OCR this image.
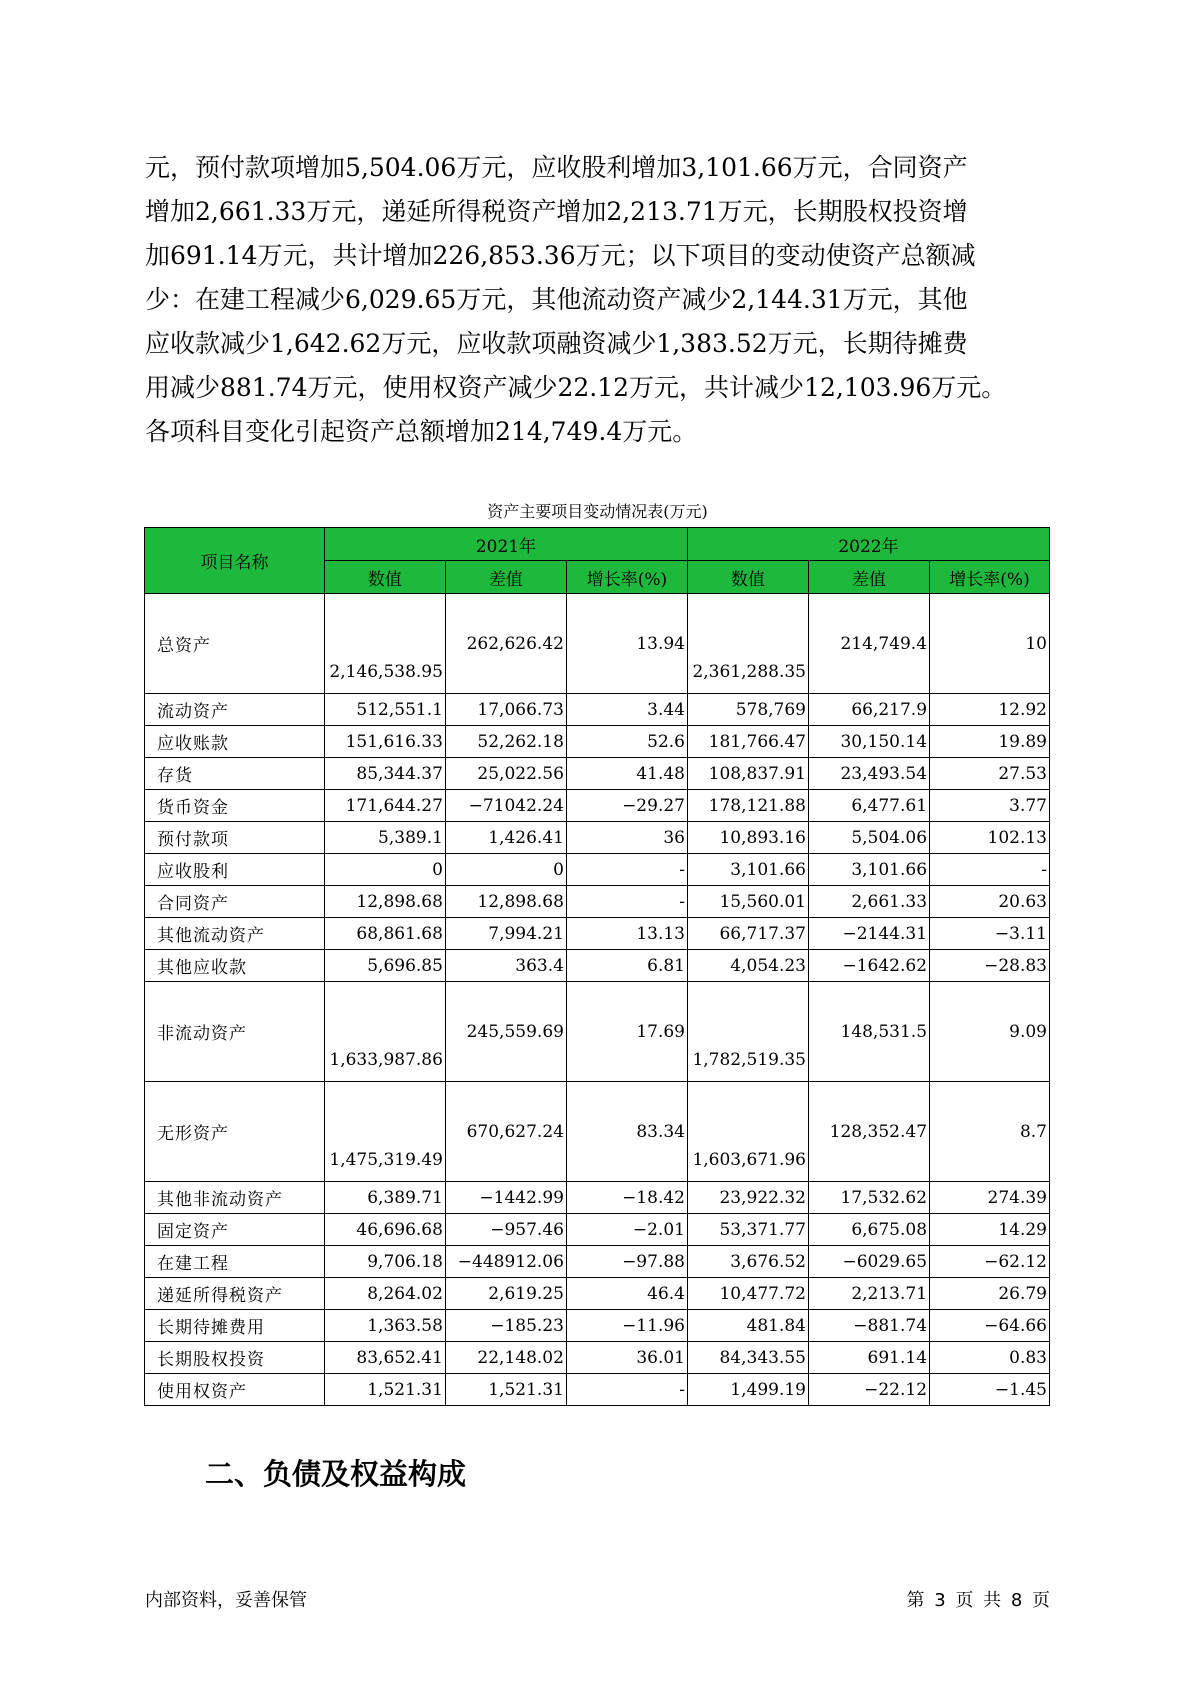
元，预付款项增加5,504.06万元，应收股利增加3,101.66万元，合同资产
增加2,661.33万元，递延所得税资产增加2,213.71万元，长期股权投资增
加691.14万元，共计增加226,853.36万元；以下项目的变动使资产总额减
少：在建工程减少6,029.65万元，其他流动资产减少2,144.31万元，其他
应收款减少1,642.62万元，应收款项融资减少1,383.52万元，长期待摊费
用减少881.74万元，使用权资产减少22.12万元，共计减少12,103.96万元。
各项科目变化引起资产总额增加214,749.4万元。
资产主要项目变动情况表(万元)
项目名称	2021年			2022年		
	数值	差值	增长率(%)	数值	差值	增长率(%)
总资产	2,146,538.95	262,626.42	13.94	2,361,288.35	214,749.4	10
流动资产	512,551.1	17,066.73	3.44	578,769	66,217.9	12.92
应收账款	151,616.33	52,262.18	52.6	181,766.47	30,150.14	19.89
存货	85,344.37	25,022.56	41.48	108,837.91	23,493.54	27.53
货币资金	171,644.27	−71042.24	−29.27	178,121.88	6,477.61	3.77
预付款项	5,389.1	1,426.41	36	10,893.16	5,504.06	102.13
应收股利	0	0	-	3,101.66	3,101.66	-
合同资产	12,898.68	12,898.68	-	15,560.01	2,661.33	20.63
其他流动资产	68,861.68	7,994.21	13.13	66,717.37	−2144.31	−3.11
其他应收款	5,696.85	363.4	6.81	4,054.23	−1642.62	−28.83
非流动资产	1,633,987.86	245,559.69	17.69	1,782,519.35	148,531.5	9.09
无形资产	1,475,319.49	670,627.24	83.34	1,603,671.96	128,352.47	8.7
其他非流动资产	6,389.71	−1442.99	−18.42	23,922.32	17,532.62	274.39
固定资产	46,696.68	−957.46	−2.01	53,371.77	6,675.08	14.29
在建工程	9,706.18	−448912.06	−97.88	3,676.52	−6029.65	−62.12
递延所得税资产	8,264.02	2,619.25	46.4	10,477.72	2,213.71	26.79
长期待摊费用	1,363.58	−185.23	−11.96	481.84	−881.74	−64.66
长期股权投资	83,652.41	22,148.02	36.01	84,343.55	691.14	0.83
使用权资产	1,521.31	1,521.31	-	1,499.19	−22.12	−1.45
二、负债及权益构成
内部资料，妥善保管	第 3 页 共 8 页
